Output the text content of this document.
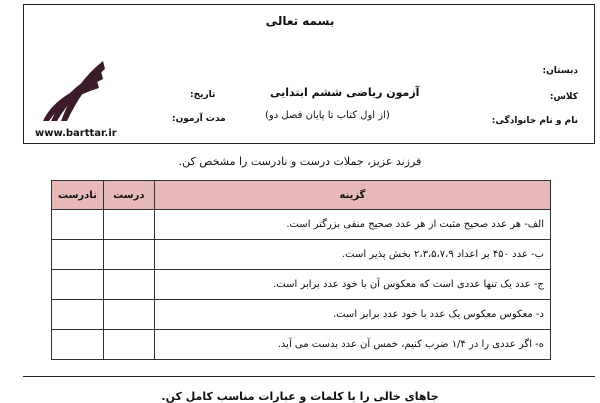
www.barttar.ir
بسمه تعالی
دبستان:
کلاس:
نام و نام خانوادگی:
آزمون ریاضی ششم ابتدایی
(از اول کتاب تا پایان فصل دو)
تاریخ:
مدت آزمون:
فرزند عزیز، جملات درست و نادرست را مشخص کن.
گزینه	درست	نادرست
الف- هر عدد صحیح مثبت از هر عدد صحیح منفی بزرگتر است.		
ب- عدد ۴۵۰ بر اعداد ۲،۳،۵،۷،۹ بخش پذیر است.		
ج- عدد یک تنها عددی است که معکوس آن با خود عدد برابر است.		
د- معکوس معکوس یک عدد با خود عدد برابر است.		
ه- اگر عددی را در ۱/۴ ضرب کنیم، خمس آن عدد بدست می آید.		
جاهای خالی را با کلمات و عبارات مناسب کامل کن.
